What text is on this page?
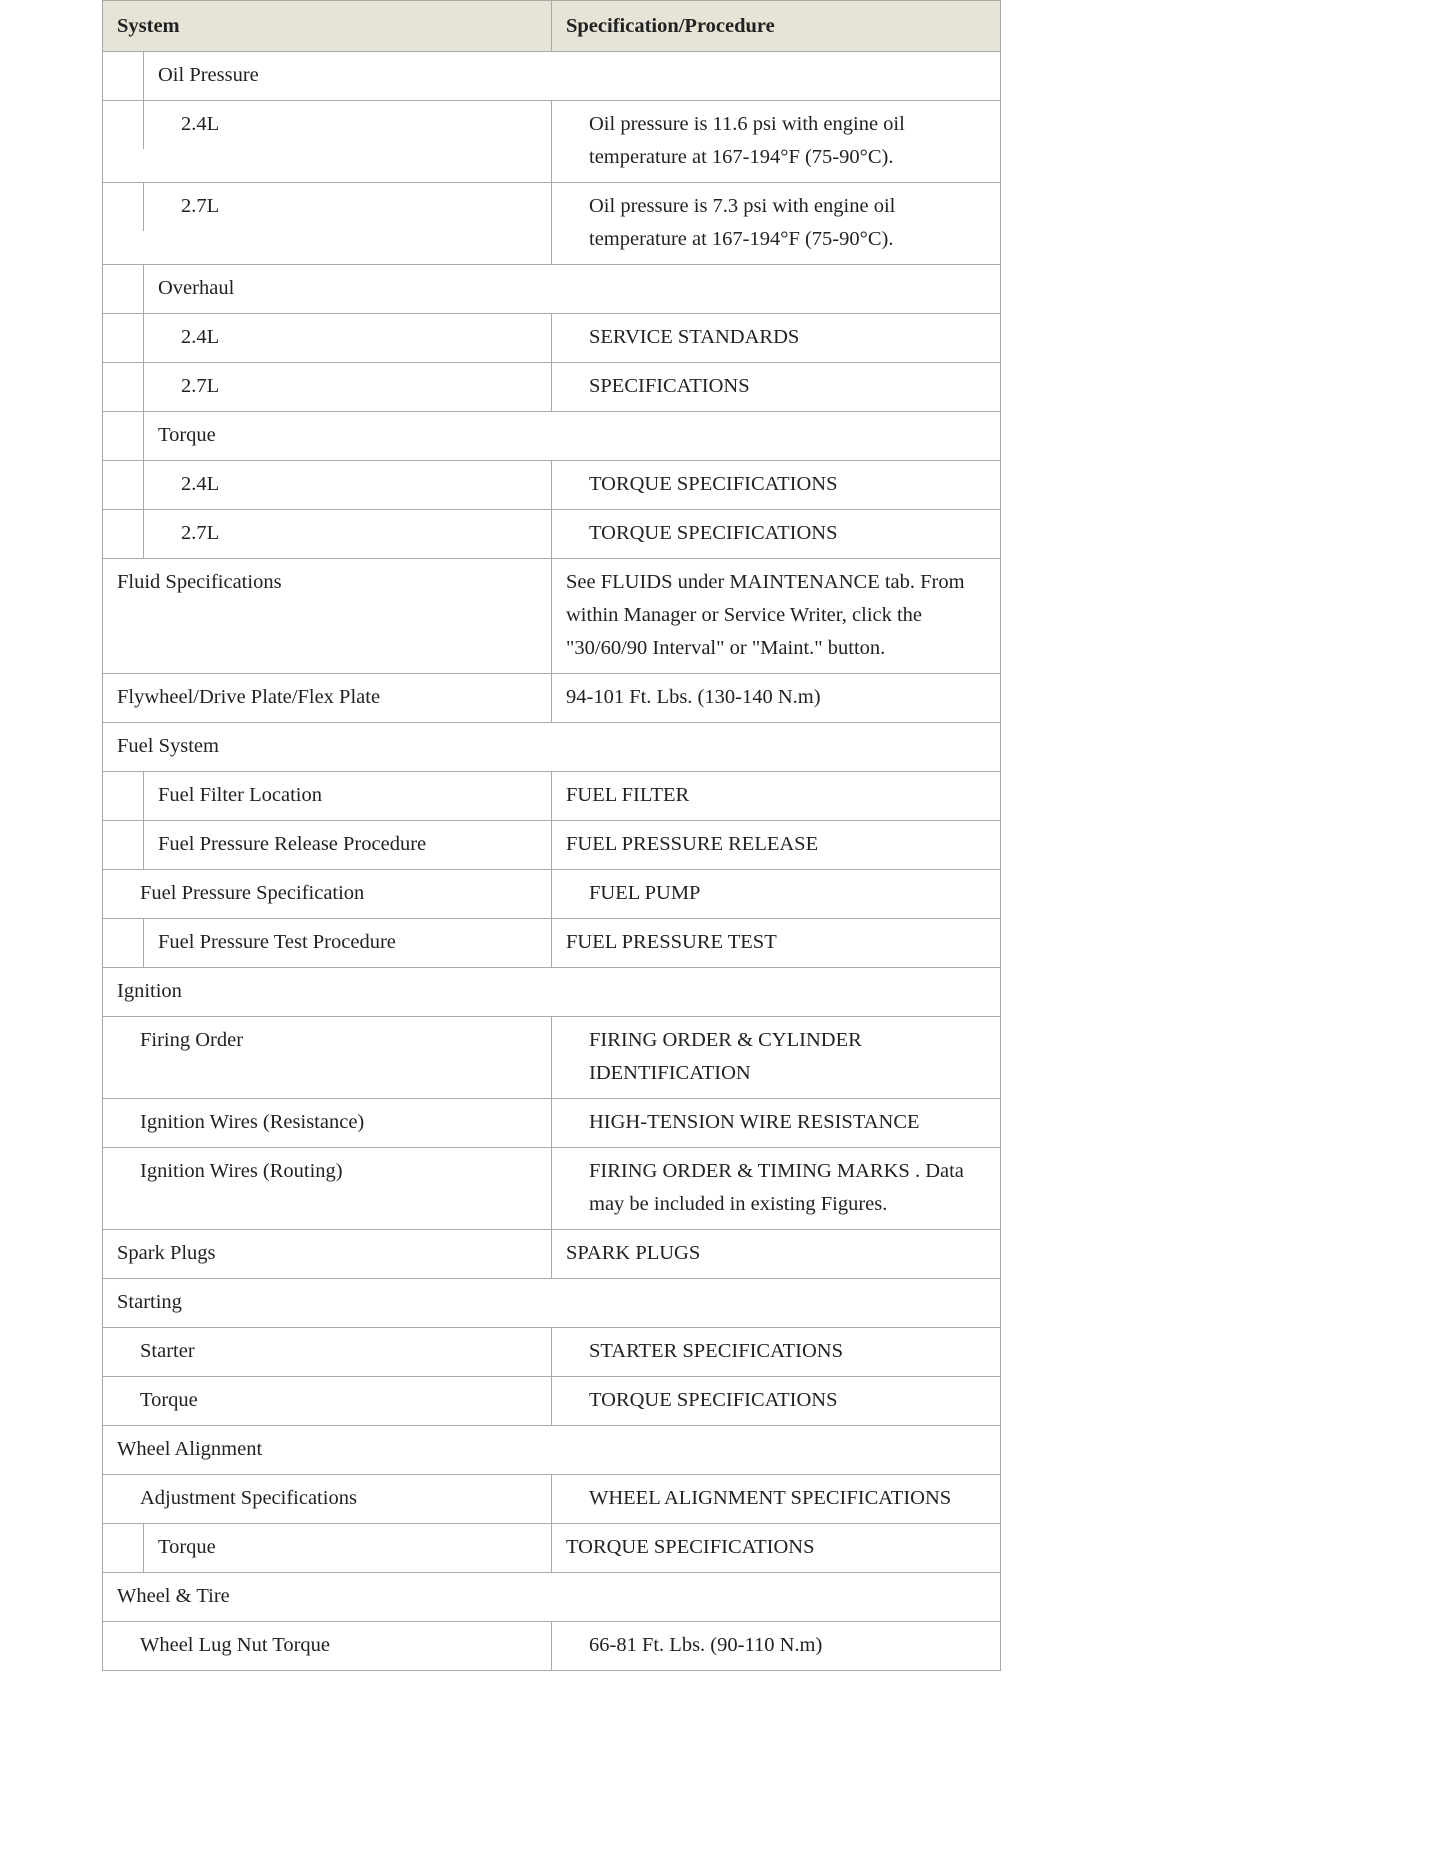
System	Specification/Procedure

Oil Pressure	

2.4L	Oil pressure is 11.6 psi with engine oil temperature at 167-194°F (75-90°C).

2.7L	Oil pressure is 7.3 psi with engine oil temperature at 167-194°F (75-90°C).

Overhaul	

2.4L	SERVICE STANDARDS

2.7L	SPECIFICATIONS

Torque	

2.4L	TORQUE SPECIFICATIONS

2.7L	TORQUE SPECIFICATIONS

Fluid Specifications	See FLUIDS under MAINTENANCE tab. From within Manager or Service Writer, click the "30/60/90 Interval" or "Maint." button.

Flywheel/Drive Plate/Flex Plate	94-101 Ft. Lbs. (130-140 N.m)

Fuel System	

Fuel Filter Location	FUEL FILTER

Fuel Pressure Release Procedure	FUEL PRESSURE RELEASE

Fuel Pressure Specification	FUEL PUMP

Fuel Pressure Test Procedure	FUEL PRESSURE TEST

Ignition	

Firing Order	FIRING ORDER & CYLINDER IDENTIFICATION

Ignition Wires (Resistance)	HIGH-TENSION WIRE RESISTANCE

Ignition Wires (Routing)	FIRING ORDER & TIMING MARKS . Data may be included in existing Figures.

Spark Plugs	SPARK PLUGS

Starting	

Starter	STARTER SPECIFICATIONS

Torque	TORQUE SPECIFICATIONS

Wheel Alignment	

Adjustment Specifications	WHEEL ALIGNMENT SPECIFICATIONS

Torque	TORQUE SPECIFICATIONS

Wheel & Tire	

Wheel Lug Nut Torque	66-81 Ft. Lbs. (90-110 N.m)
